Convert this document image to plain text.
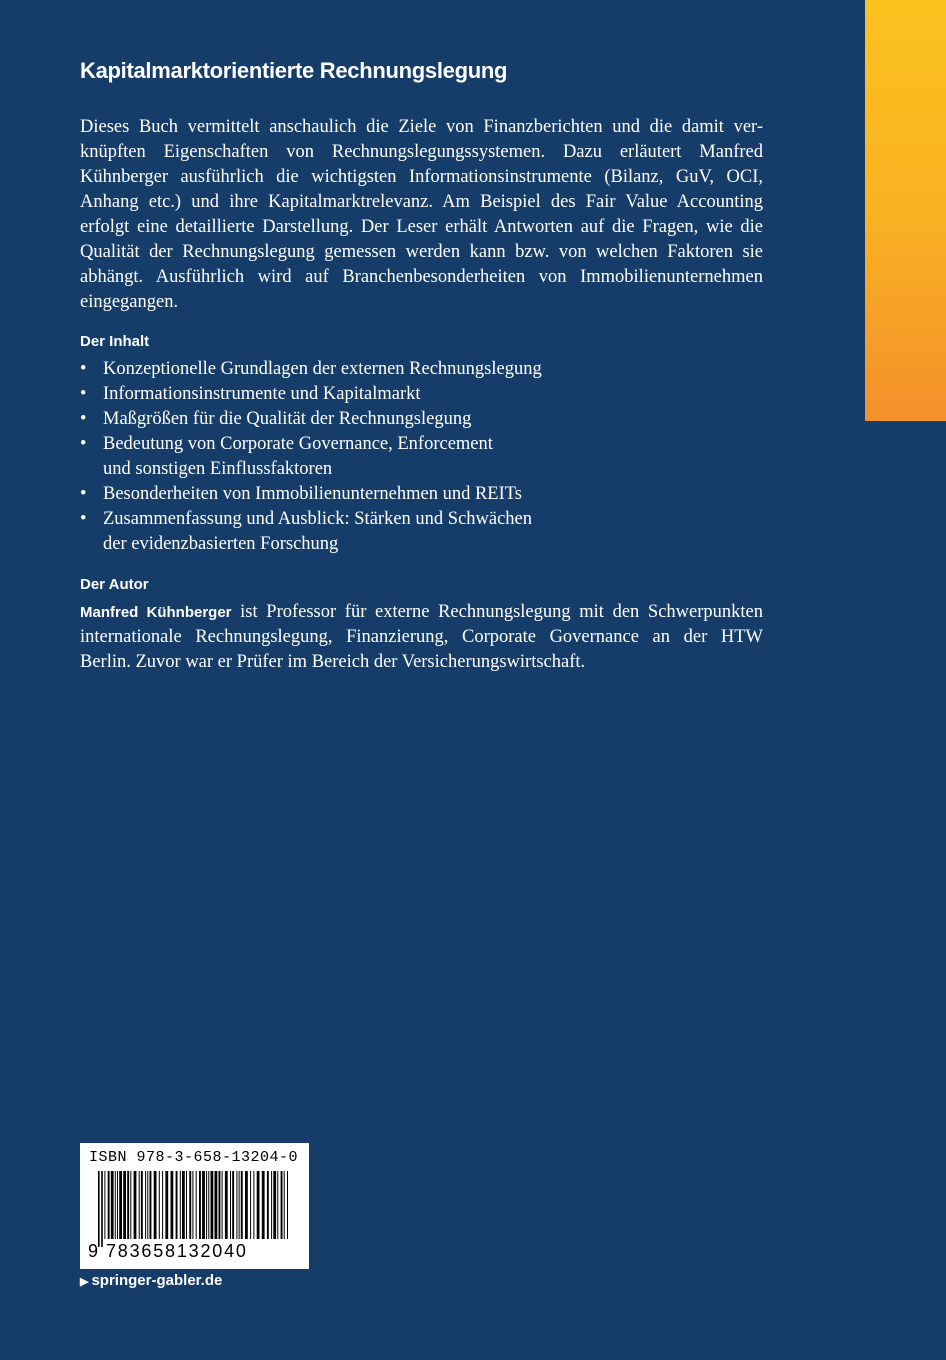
Kapitalmarktorientierte Rechnungslegung
Dieses Buch vermittelt anschaulich die Ziele von Finanzberichten und die damit ver-
knüpften Eigenschaften von Rechnungslegungssystemen. Dazu erläutert Manfred
Kühnberger ausführlich die wichtigsten Informationsinstrumente (Bilanz, GuV, OCI,
Anhang etc.) und ihre Kapitalmarktrelevanz. Am Beispiel des Fair Value Accounting
erfolgt eine detaillierte Darstellung. Der Leser erhält Antworten auf die Fragen, wie die
Qualität der Rechnungslegung gemessen werden kann bzw. von welchen Faktoren sie
abhängt. Ausführlich wird auf Branchenbesonderheiten von Immobilienunternehmen
eingegangen.
Der Inhalt
• Konzeptionelle Grundlagen der externen Rechnungslegung
• Informationsinstrumente und Kapitalmarkt
• Maßgrößen für die Qualität der Rechnungslegung
• Bedeutung von Corporate Governance, Enforcement
und sonstigen Einflussfaktoren
• Besonderheiten von Immobilienunternehmen und REITs
• Zusammenfassung und Ausblick: Stärken und Schwächen
der evidenzbasierten Forschung
Der Autor
Manfred Kühnberger ist Professor für externe Rechnungslegung mit den Schwerpunkten
internationale Rechnungslegung, Finanzierung, Corporate Governance an der HTW
Berlin. Zuvor war er Prüfer im Bereich der Versicherungswirtschaft.
ISBN 978-3-658-13204-0
9 783658132040
▶ springer-gabler.de
